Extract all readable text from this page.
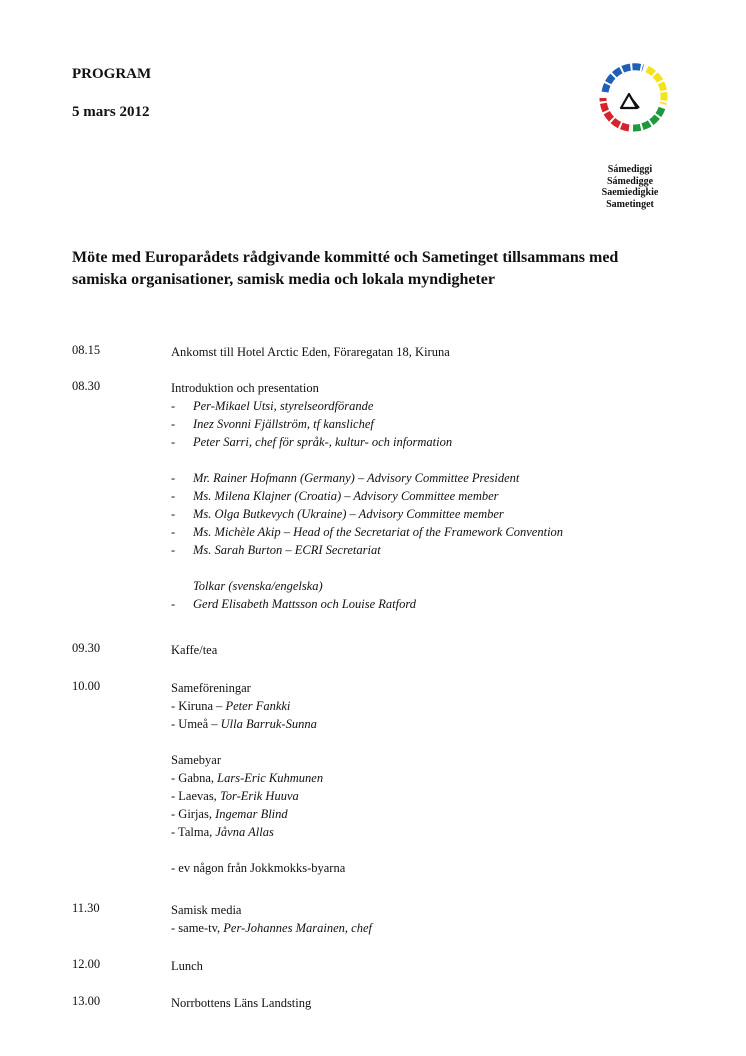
PROGRAM
5 mars 2012
Sámediggi
Sámedigge
Saemiedigkie
Sametinget
Möte med Europarådets rådgivande kommitté och Sametinget tillsammans med samiska organisationer, samisk media och lokala myndigheter
08.15	Ankomst till Hotel Arctic Eden, Föraregatan 18, Kiruna
08.30	Introduktion och presentation
- Per-Mikael Utsi, styrelseordförande
- Inez Svonni Fjällström, tf kanslichef
- Peter Sarri, chef för språk-, kultur- och information
- Mr. Rainer Hofmann (Germany) – Advisory Committee President
- Ms. Milena Klajner (Croatia) – Advisory Committee member
- Ms. Olga Butkevych (Ukraine) – Advisory Committee member
- Ms. Michèle Akip – Head of the Secretariat of the Framework Convention
- Ms. Sarah Burton – ECRI Secretariat
Tolkar (svenska/engelska)
- Gerd Elisabeth Mattsson och Louise Ratford
09.30	Kaffe/tea
10.00	Sameföreningar
- Kiruna – Peter Fankki
- Umeå – Ulla Barruk-Sunna
Samebyar
- Gabna, Lars-Eric Kuhmunen
- Laevas, Tor-Erik Huuva
- Girjas, Ingemar Blind
- Talma, Jåvna Allas
- ev någon från Jokkmokks-byarna
11.30	Samisk media
- same-tv, Per-Johannes Marainen, chef
12.00	Lunch
13.00	Norrbottens Läns Landsting
